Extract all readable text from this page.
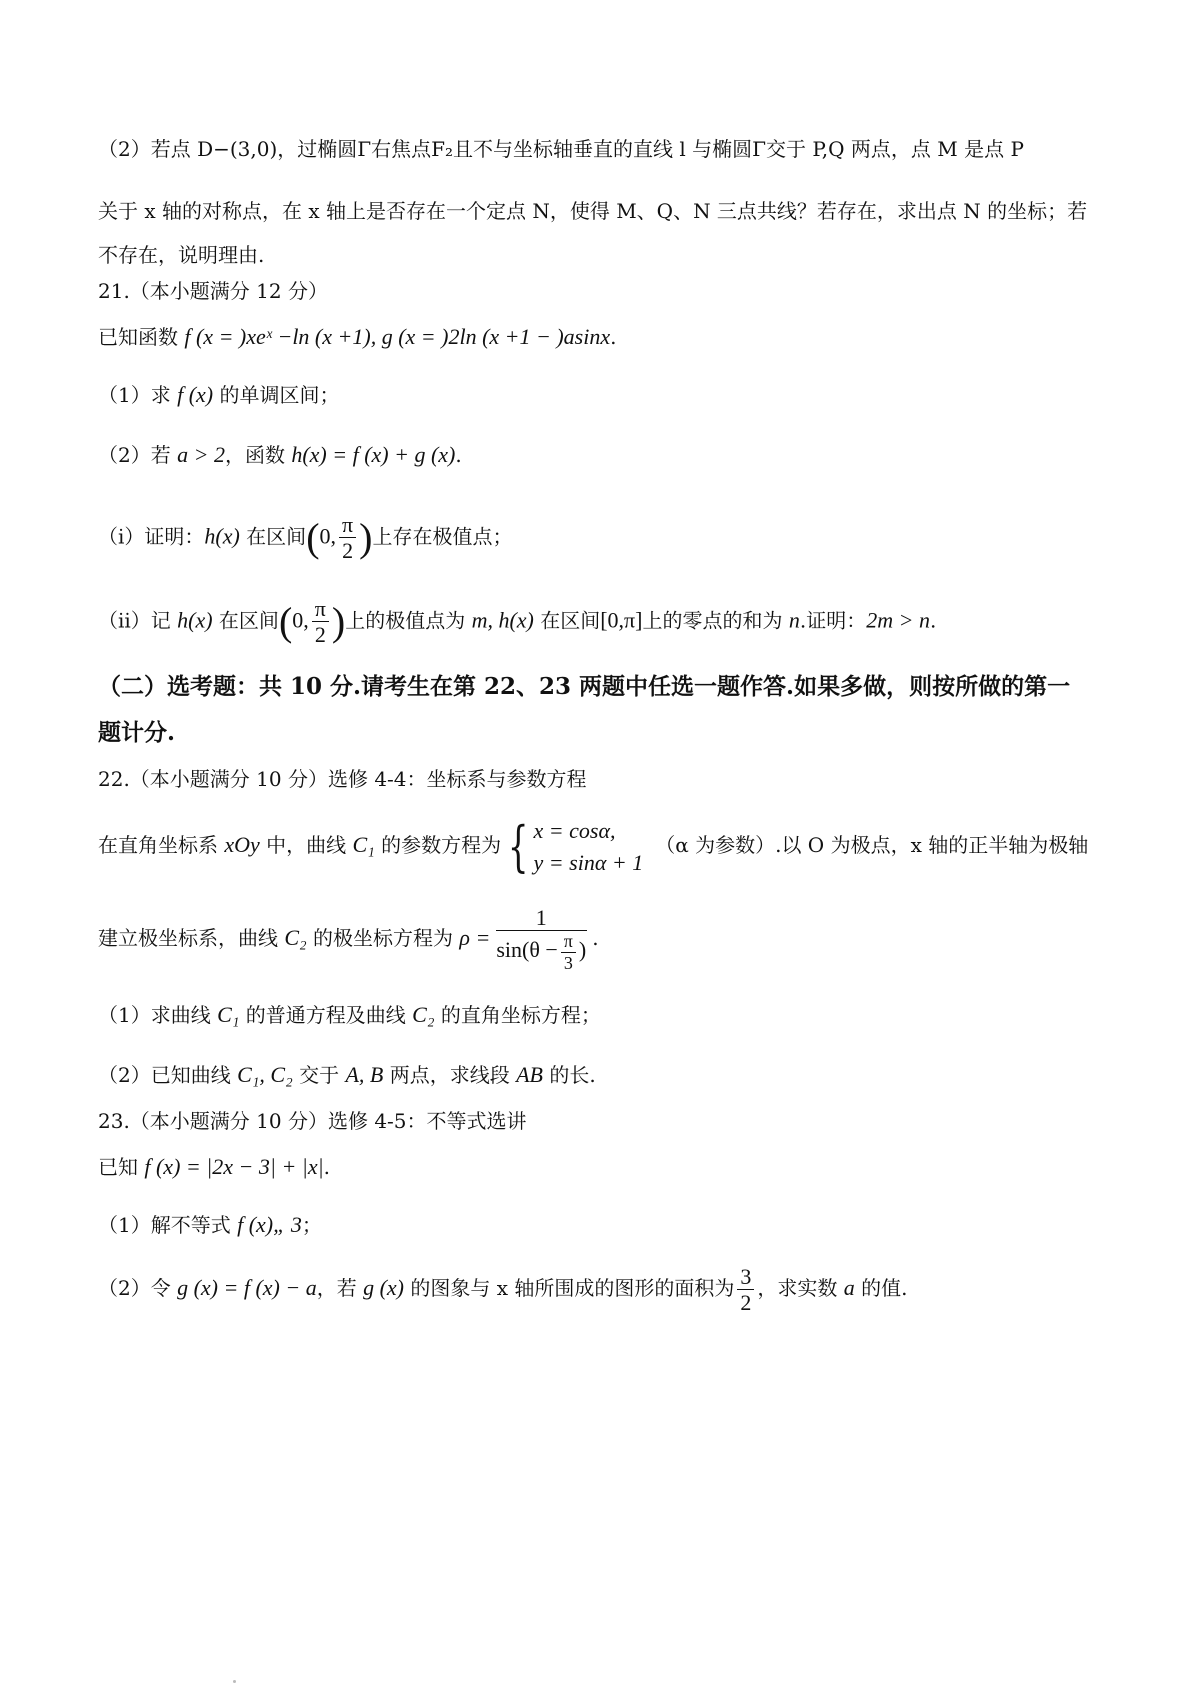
（2）若点 D−(3,0)，过椭圆Γ右焦点F₂且不与坐标轴垂直的直线 l 与椭圆Γ交于 P,Q 两点，点 M 是点 P
关于 x 轴的对称点，在 x 轴上是否存在一个定点 N，使得 M、Q、N 三点共线？若存在，求出点 N 的坐标；若
不存在，说明理由.
21.（本小题满分 12 分）
已知函数 f (x = )xeˣ −ln (x +1), g (x = )2ln (x +1 − )asinx.
（1）求 f (x) 的单调区间；
（2）若 a > 2，函数 h(x) = f (x) + g (x).
（i）证明：h(x) 在区间(0, $\frac{\pi}{2}$ )上存在极值点；
（ii）记 h(x) 在区间(0, $\frac{\pi}{2}$ )上的极值点为 m, h(x) 在区间[0,π]上的零点的和为 n.证明：2m > n.
（二）选考题：共 10 分.请考生在第 22、23 两题中任选一题作答.如果多做，则按所做的第一
题计分.
22.（本小题满分 10 分）选修 4-4：坐标系与参数方程
在直角坐标系 xOy 中，曲线 C₁ 的参数方程为 { x = cosα,
y = sinα + 1
（α 为参数）.以 O 为极点，x 轴的正半轴为极轴
建立极坐标系，曲线 C₂ 的极坐标方程为 $\rho = \frac{1}{\sin(\theta - \frac{\pi}{3} )}$ .
（1）求曲线 C₁ 的普通方程及曲线 C₂ 的直角坐标方程；
（2）已知曲线 C₁, C₂ 交于 A, B 两点，求线段 AB 的长.
23.（本小题满分 10 分）选修 4-5：不等式选讲
已知 f (x) = |2x − 3| + |x|.
（1）解不等式 f (x)„ 3；
（2）令 g (x) = f (x) − a，若 g (x) 的图象与 x 轴所围成的图形的面积为 $\frac{3}{2}$ ，求实数 a 的值.
